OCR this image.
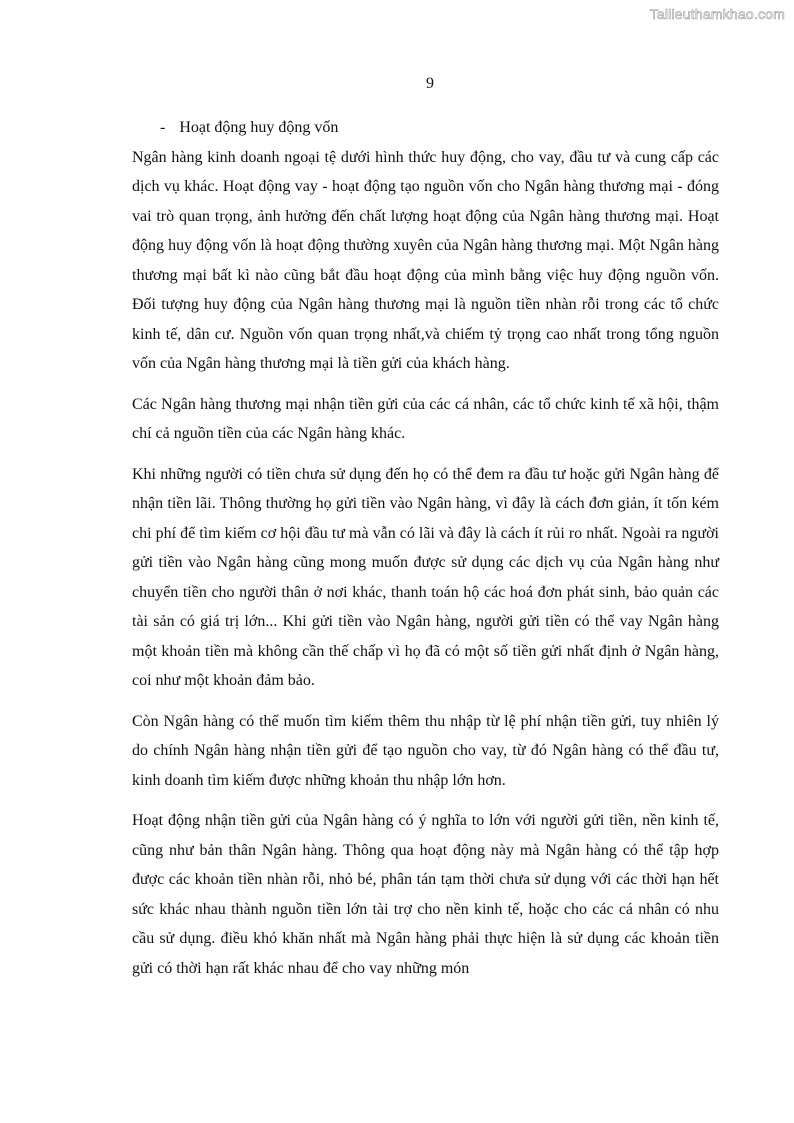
Tailieuthamkhao.com
9
- Hoạt động huy động vốn

Ngân hàng kinh doanh ngoại tệ dưới hình thức huy động, cho vay, đầu tư và cung cấp các dịch vụ khác. Hoạt động vay - hoạt động tạo nguồn vốn cho Ngân hàng thương mại - đóng vai trò quan trọng, ảnh hưởng đến chất lượng hoạt động của Ngân hàng thương mại. Hoạt động huy động vốn là hoạt động thường xuyên của Ngân hàng thương mại. Một Ngân hàng thương mại bất kì nào cũng bắt đầu hoạt động của mình bằng việc huy động nguồn vốn. Đối tượng huy động của Ngân hàng thương mại là nguồn tiền nhàn rỗi trong các tổ chức kinh tế, dân cư. Nguồn vốn quan trọng nhất,và chiếm tỷ trọng cao nhất trong tổng nguồn vốn của Ngân hàng thương mại là tiền gửi của khách hàng.

Các Ngân hàng thương mại nhận tiền gửi của các cá nhân, các tổ chức kinh tế xã hội, thậm chí cả nguồn tiền của các Ngân hàng khác.

Khi những người có tiền chưa sử dụng đến họ có thể đem ra đầu tư hoặc gửi Ngân hàng để nhận tiền lãi. Thông thường họ gửi tiền vào Ngân hàng, vì đây là cách đơn giản, ít tốn kém chi phí để tìm kiếm cơ hội đầu tư mà vẫn có lãi và đây là cách ít rủi ro nhất. Ngoài ra người gửi tiền vào Ngân hàng cũng mong muốn được sử dụng các dịch vụ của Ngân hàng như chuyển tiền cho người thân ở nơi khác, thanh toán hộ các hoá đơn phát sinh, bảo quản các tài sản có giá trị lớn... Khi gửi tiền vào Ngân hàng, người gửi tiền có thể vay Ngân hàng một khoản tiền mà không cần thế chấp vì họ đã có một số tiền gửi nhất định ở Ngân hàng, coi như một khoản đảm bảo.

Còn Ngân hàng có thể muốn tìm kiếm thêm thu nhập từ lệ phí nhận tiền gửi, tuy nhiên lý do chính Ngân hàng nhận tiền gửi để tạo nguồn cho vay, từ đó Ngân hàng có thể đầu tư, kinh doanh tìm kiếm được những khoản thu nhập lớn hơn.

Hoạt động nhận tiền gửi của Ngân hàng có ý nghĩa to lớn với người gửi tiền, nền kinh tế, cũng như bản thân Ngân hàng. Thông qua hoạt động này mà Ngân hàng có thể tập hợp được các khoản tiền nhàn rỗi, nhỏ bé, phân tán tạm thời chưa sử dụng với các thời hạn hết sức khác nhau thành nguồn tiền lớn tài trợ cho nền kinh tế, hoặc cho các cá nhân có nhu cầu sử dụng. điều khó khăn nhất mà Ngân hàng phải thực hiện là sử dụng các khoản tiền gửi có thời hạn rất khác nhau để cho vay những món
